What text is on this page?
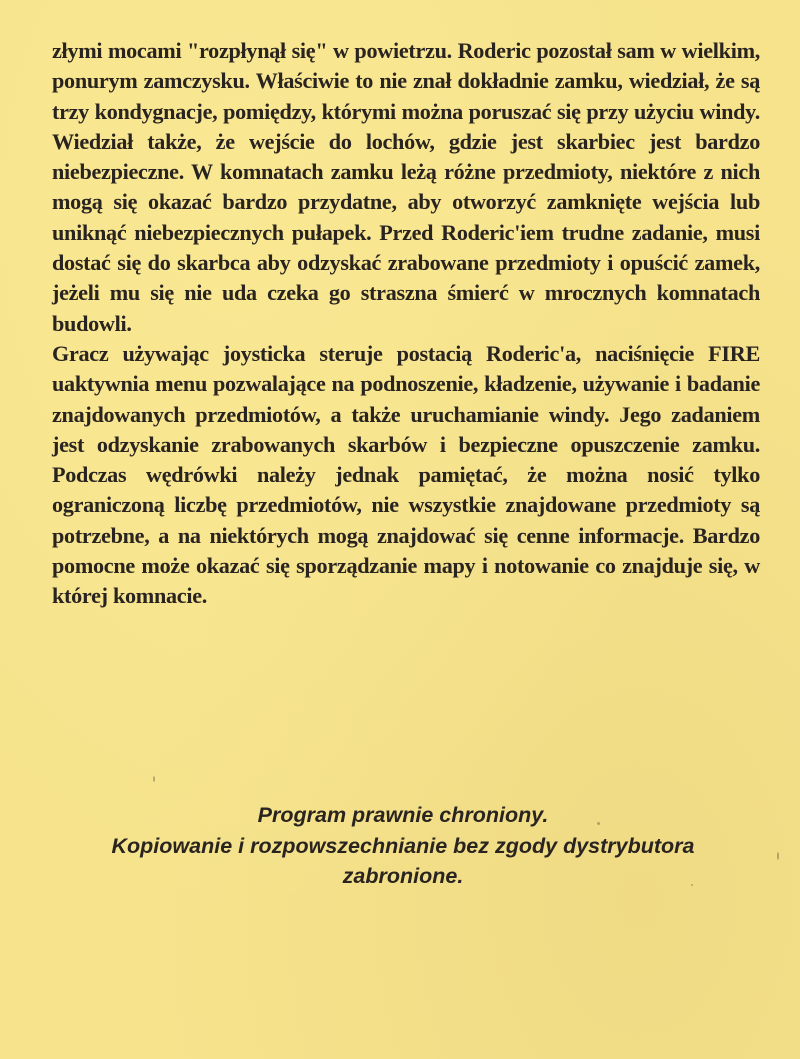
złymi mocami "rozpłynął się" w powietrzu. Roderic pozostał sam w wielkim, ponurym zamczysku. Właściwie to nie znał dokładnie zamku, wiedział, że są trzy kondygnacje, pomiędzy, którymi można poruszać się przy użyciu windy. Wiedział także, że wejście do lochów, gdzie jest skarbiec jest bardzo niebezpieczne. W komnatach zamku leżą różne przedmioty, niektóre z nich mogą się okazać bardzo przydatne, aby otworzyć zamknięte wejścia lub uniknąć niebezpiecznych pułapek. Przed Roderic'iem trudne zadanie, musi dostać się do skarbca aby odzyskać zrabowane przedmioty i opuścić zamek, jeżeli mu się nie uda czeka go straszna śmierć w mrocznych komnatach budowli.

Gracz używając joysticka steruje postacią Roderic'a, naciśnięcie FIRE uaktywnia menu pozwalające na podnoszenie, kładzenie, używanie i badanie znajdowanych przedmiotów, a także uruchamianie windy. Jego zadaniem jest odzyskanie zrabowanych skarbów i bezpieczne opuszczenie zamku. Podczas wędrówki należy jednak pamiętać, że można nosić tylko ograniczoną liczbę przedmiotów, nie wszystkie znajdowane przedmioty są potrzebne, a na niektórych mogą znajdować się cenne informacje. Bardzo pomocne może okazać się sporządzanie mapy i notowanie co znajduje się, w której komnacie.

Program prawnie chroniony.
Kopiowanie i rozpowszechnianie bez zgody dystrybutora
zabronione.
